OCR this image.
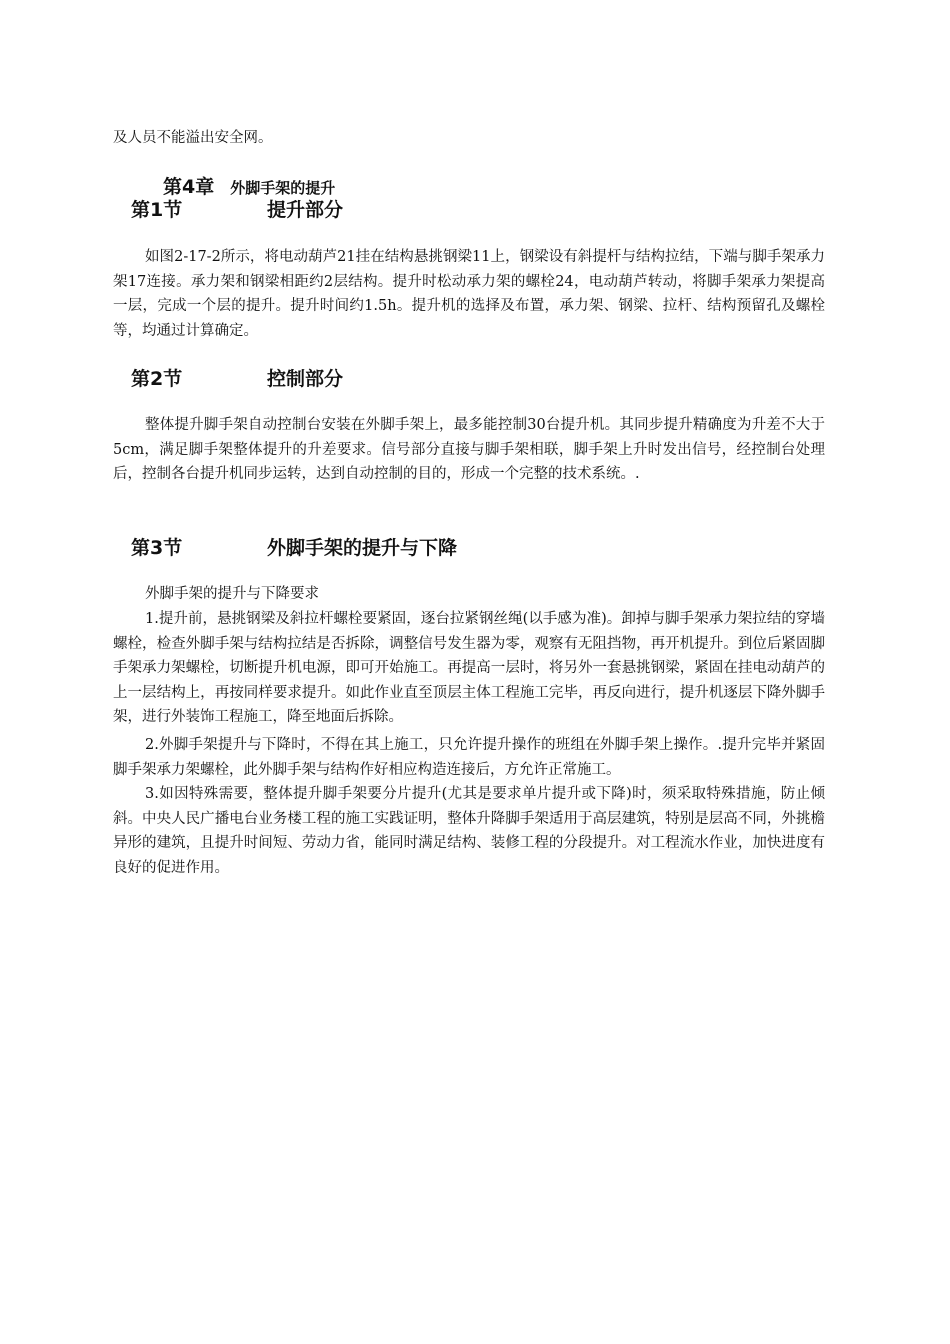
及人员不能溢出安全网。
第4章 外脚手架的提升
第1节	提升部分
如图2-17-2所示，将电动葫芦21挂在结构悬挑钢梁11上，钢梁设有斜提杆与结构拉结，下端与脚手架承力架17连接。承力架和钢梁相距约2层结构。提升时松动承力架的螺栓24，电动葫芦转动，将脚手架承力架提高一层，完成一个层的提升。提升时间约1.5h。提升机的选择及布置，承力架、钢梁、拉杆、结构预留孔及螺栓等，均通过计算确定。
第2节	控制部分
整体提升脚手架自动控制台安装在外脚手架上，最多能控制30台提升机。其同步提升精确度为升差不大于5cm，满足脚手架整体提升的升差要求。信号部分直接与脚手架相联，脚手架上升时发出信号，经控制台处理后，控制各台提升机同步运转，达到自动控制的目的，形成一个完整的技术系统。.
第3节	外脚手架的提升与下降
外脚手架的提升与下降要求
1.提升前，悬挑钢梁及斜拉杆螺栓要紧固，逐台拉紧钢丝绳(以手感为准)。卸掉与脚手架承力架拉结的穿墙螺栓，检查外脚手架与结构拉结是否拆除，调整信号发生器为零，观察有无阻挡物，再开机提升。到位后紧固脚手架承力架螺栓，切断提升机电源，即可开始施工。再提高一层时，将另外一套悬挑钢梁，紧固在挂电动葫芦的上一层结构上，再按同样要求提升。如此作业直至顶层主体工程施工完毕，再反向进行，提升机逐层下降外脚手架，进行外装饰工程施工，降至地面后拆除。
2.外脚手架提升与下降时，不得在其上施工，只允许提升操作的班组在外脚手架上操作。.提升完毕并紧固脚手架承力架螺栓，此外脚手架与结构作好相应构造连接后，方允许正常施工。
3.如因特殊需要，整体提升脚手架要分片提升(尤其是要求单片提升或下降)时，须采取特殊措施，防止倾斜。中央人民广播电台业务楼工程的施工实践证明，整体升降脚手架适用于高层建筑，特别是层高不同，外挑檐异形的建筑，且提升时间短、劳动力省，能同时满足结构、装修工程的分段提升。对工程流水作业，加快进度有良好的促进作用。
